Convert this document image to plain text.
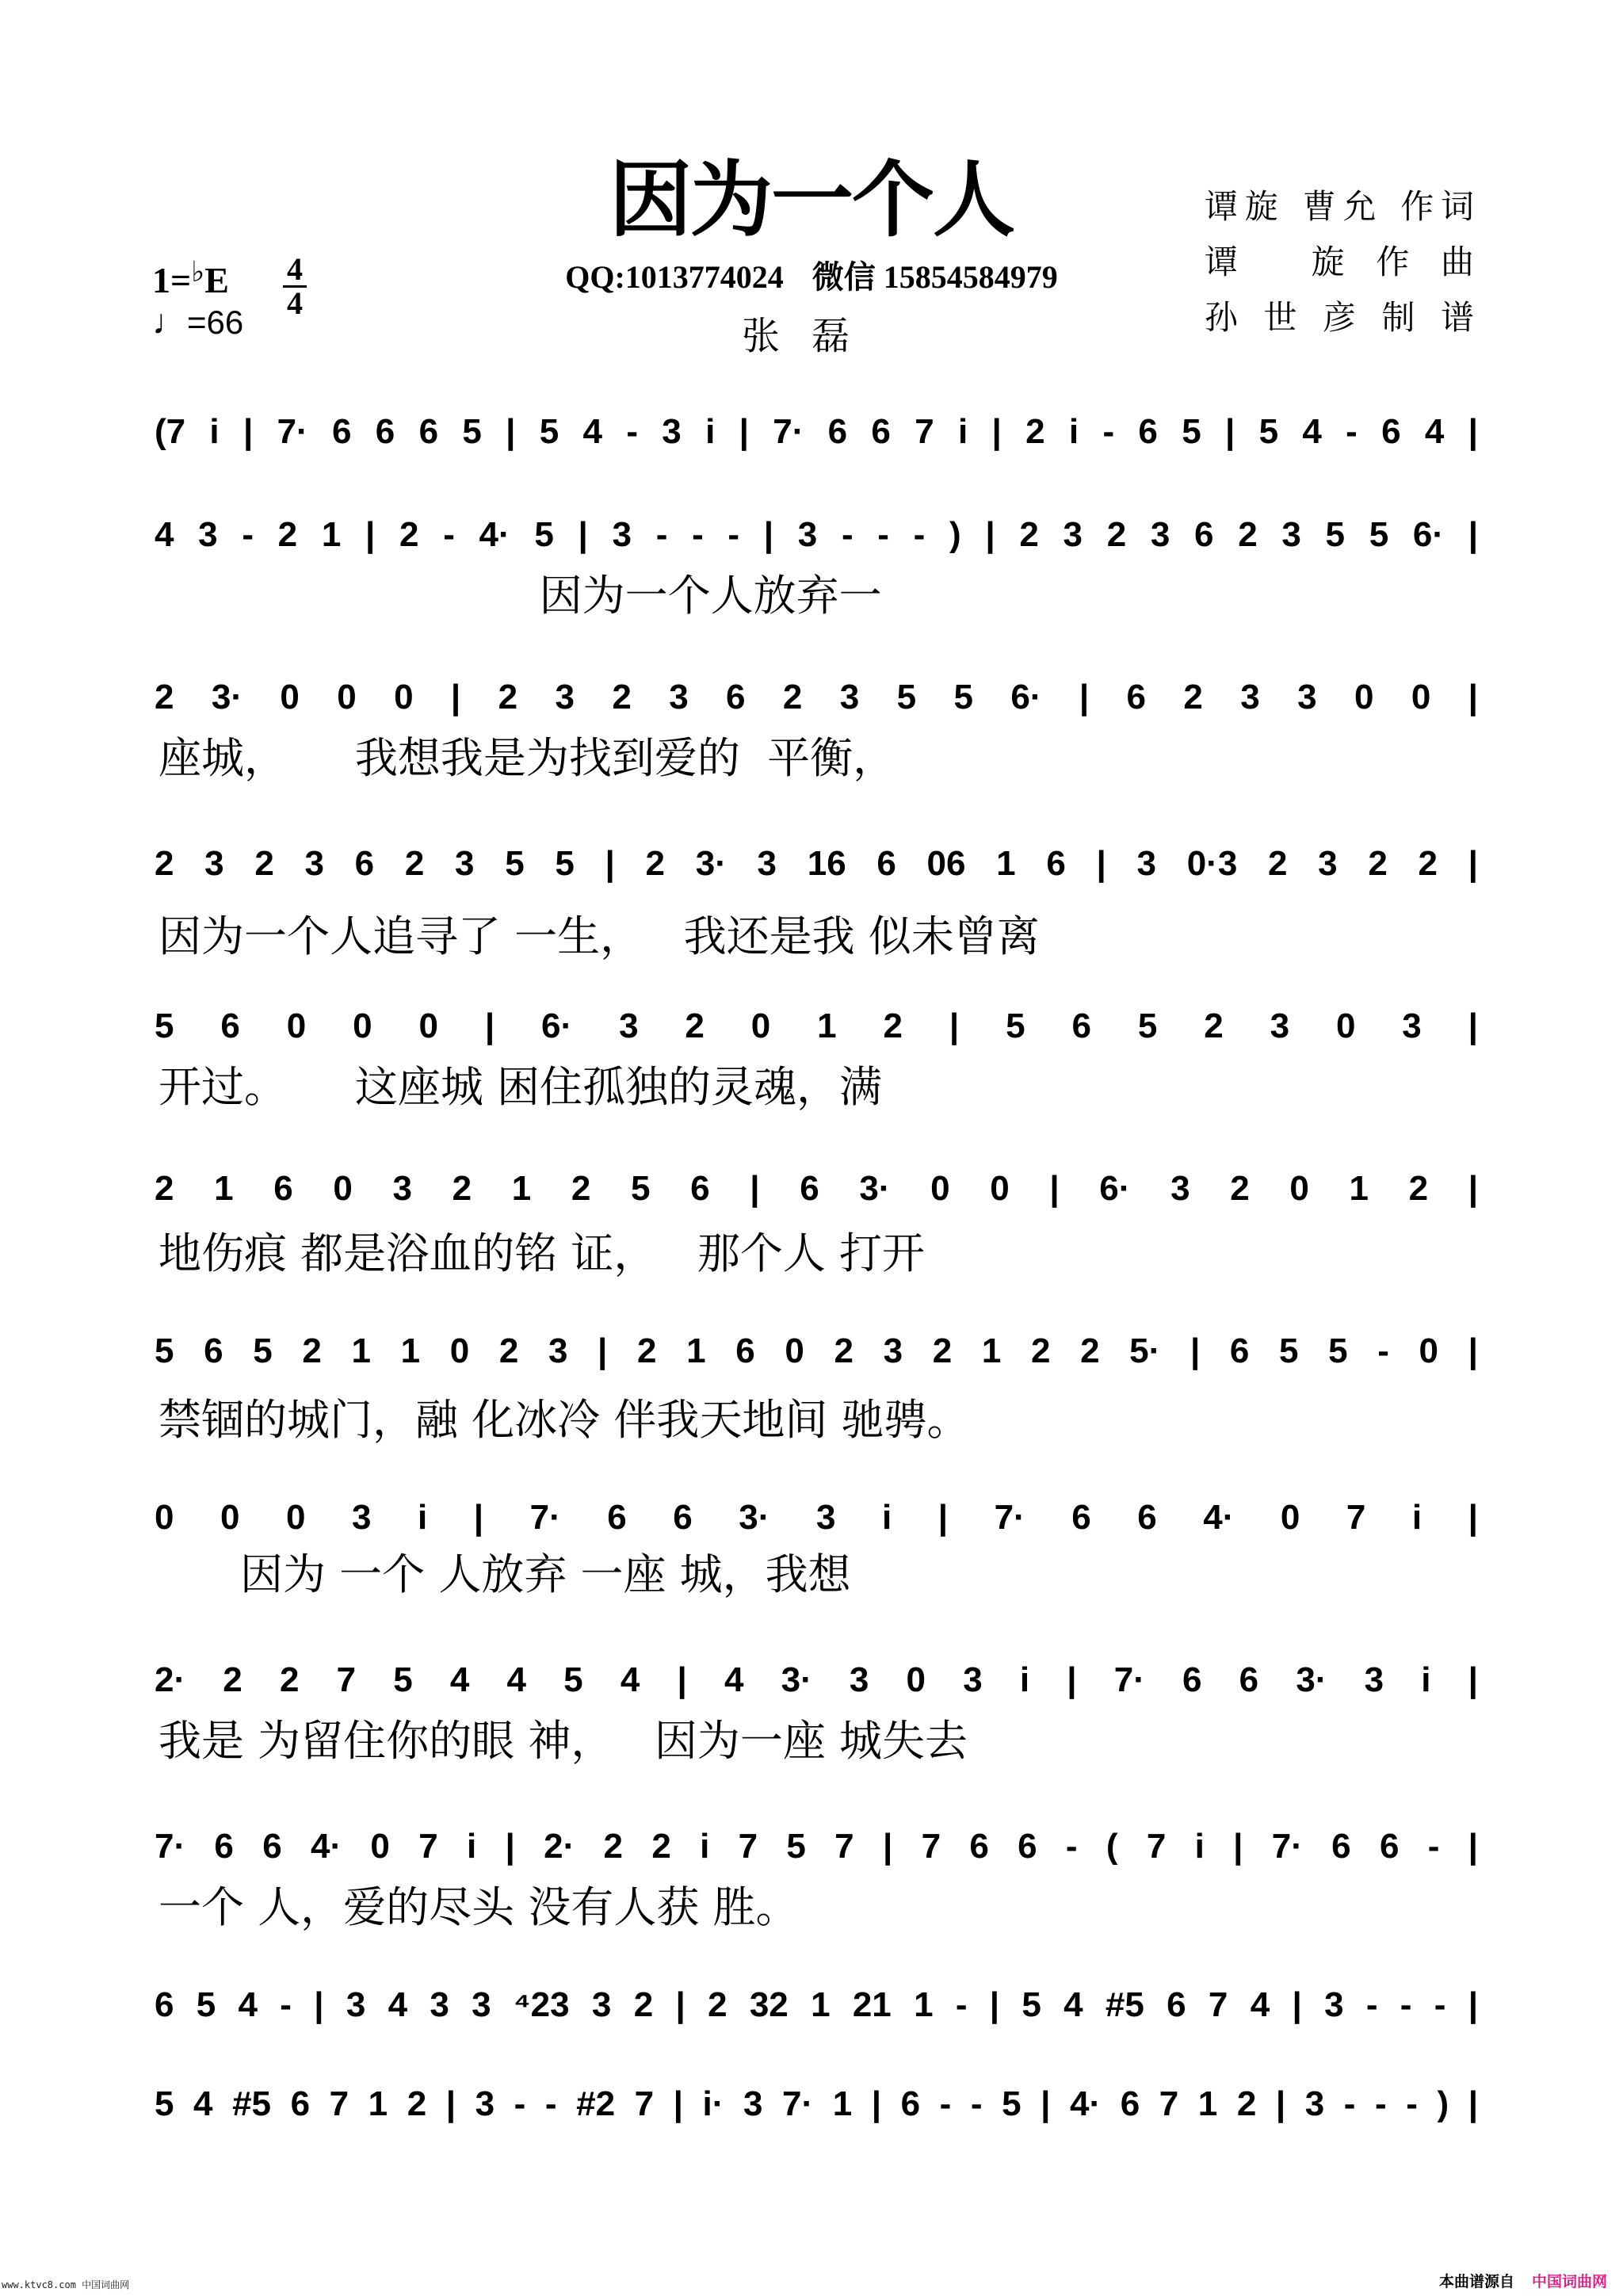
因为一个人
QQ:1013774024 微信 15854584979
张磊
谭旋 曹允 作词
谭 旋作曲
孙世彦制谱
1=♭E 4
4
♩=66
(7 i | 7· 6 6 6 5 | 5 4 - 3 i | 7· 6 6 7 i | 2 i - 6 5 | 5 4 - 6 4 |
4 3 - 2 1 | 2 - 4· 5 | 3 - - - | 3 - - - ) | 2 3 2 3 6 2 3 5 5 6· |
因为一个人放弃一
2 3· 0 0 0 | 2 3 2 3 6 2 3 5 5 6· | 6 2 3 3 0 0 |
座城，     我想我是为找到爱的  平衡，
2 3 2 3 6 2 3 5 5 | 2 3· 3 16 6 06 1 6 | 3 0·3 2 3 2 2 |
因为一个人追寻了 一生，   我还是我 似未曾离
5 6 0 0 0 | 6· 3 2 0 1 2 | 5 6 5 2 3 0 3 |
开过。     这座城 困住孤独的灵魂，满
2 1 6 0 3 2 1 2 5 6 | 6 3· 0 0 | 6· 3 2 0 1 2 |
地伤痕 都是浴血的铭 证，   那个人 打开
5 6 5 2 1 1 0 2 3 | 2 1 6 0 2 3 2 1 2 2 5· | 6 5 5 - 0 |
禁锢的城门，融 化冰冷 伴我天地间 驰骋。
0 0 0 3 i | 7· 6 6 3· 3 i | 7· 6 6 4· 0 7 i |
因为 一个 人放弃 一座 城，我想
2· 2 2 7 5 4 4 5 4 | 4 3· 3 0 3 i | 7· 6 6 3· 3 i |
我是 为留住你的眼 神，   因为一座 城失去
7· 6 6 4· 0 7 i | 2· 2 2 i 7 5 7 | 7 6 6 - ( 7 i | 7· 6 6 - |
一个 人，爱的尽头 没有人获 胜。
6 5 4 - | 3 4 3 3 ⁴23 3 2 | 2 32 1 21 1 - | 5 4 #5 6 7 4 | 3 - - - |
5 4 #5 6 7 1 2 | 3 - - #2 7 | i· 3 7· 1 | 6 - - 5 | 4· 6 7 1 2 | 3 - - - ) |
www.ktvc8.com 中国词曲网	本曲谱源自 中国词曲网
